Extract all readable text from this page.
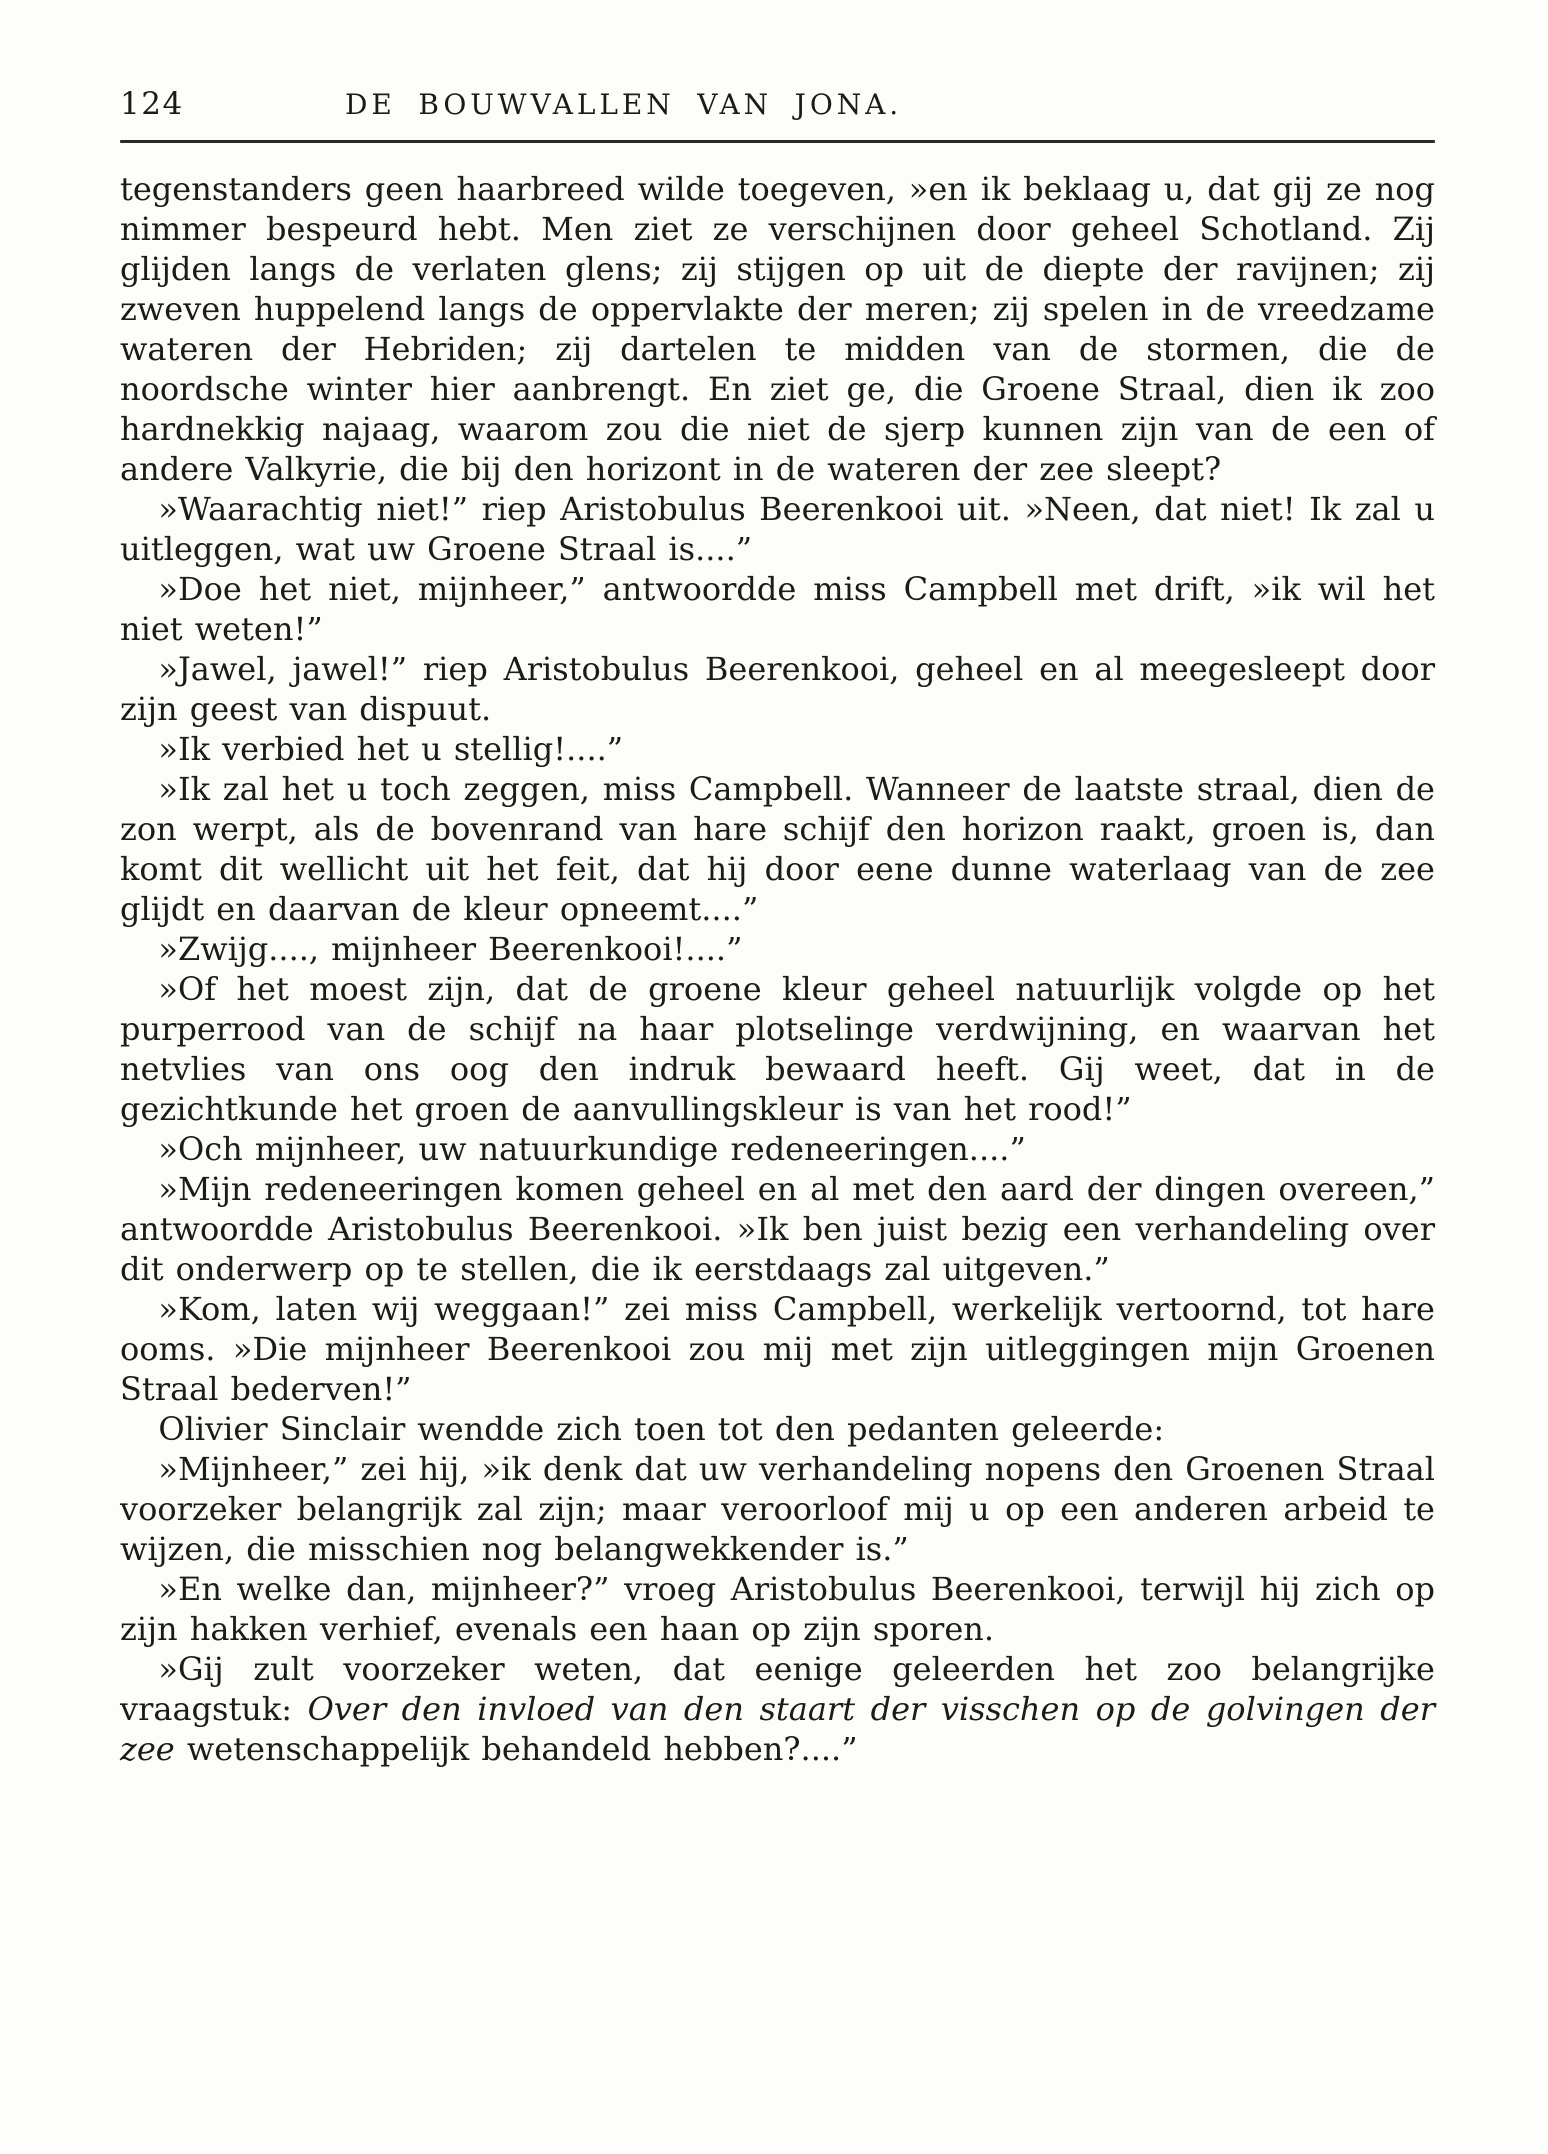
124	DE BOUWVALLEN VAN JONA.

tegenstanders geen haarbreed wilde toegeven, »en ik beklaag u, dat gij ze nog nimmer bespeurd hebt. Men ziet ze verschijnen door geheel Schotland. Zij glijden langs de verlaten glens; zij stijgen op uit de diepte der ravijnen; zij zweven huppelend langs de oppervlakte der meren; zij spelen in de vreedzame wateren der Hebriden; zij dartelen te midden van de stormen, die de noordsche winter hier aanbrengt. En ziet ge, die Groene Straal, dien ik zoo hardnekkig najaag, waarom zou die niet de sjerp kunnen zijn van de een of andere Valkyrie, die bij den horizont in de wateren der zee sleept?

»Waarachtig niet!” riep Aristobulus Beerenkooi uit. »Neen, dat niet! Ik zal u uitleggen, wat uw Groene Straal is....”

»Doe het niet, mijnheer,” antwoordde miss Campbell met drift, »ik wil het niet weten!”

»Jawel, jawel!” riep Aristobulus Beerenkooi, geheel en al meegesleept door zijn geest van dispuut.

»Ik verbied het u stellig!....”

»Ik zal het u toch zeggen, miss Campbell. Wanneer de laatste straal, dien de zon werpt, als de bovenrand van hare schijf den horizon raakt, groen is, dan komt dit wellicht uit het feit, dat hij door eene dunne waterlaag van de zee glijdt en daarvan de kleur opneemt....”

»Zwijg...., mijnheer Beerenkooi!....”

»Of het moest zijn, dat de groene kleur geheel natuurlijk volgde op het purperrood van de schijf na haar plotselinge verdwijning, en waarvan het netvlies van ons oog den indruk bewaard heeft. Gij weet, dat in de gezichtkunde het groen de aanvullingskleur is van het rood!”

»Och mijnheer, uw natuurkundige redeneeringen....”

»Mijn redeneeringen komen geheel en al met den aard der dingen overeen,” antwoordde Aristobulus Beerenkooi. »Ik ben juist bezig een verhandeling over dit onderwerp op te stellen, die ik eerstdaags zal uitgeven.”

»Kom, laten wij weggaan!” zei miss Campbell, werkelijk vertoornd, tot hare ooms. »Die mijnheer Beerenkooi zou mij met zijn uitleggingen mijn Groenen Straal bederven!”

Olivier Sinclair wendde zich toen tot den pedanten geleerde:

»Mijnheer,” zei hij, »ik denk dat uw verhandeling nopens den Groenen Straal voorzeker belangrijk zal zijn; maar veroorloof mij u op een anderen arbeid te wijzen, die misschien nog belangwekkender is.”

»En welke dan, mijnheer?” vroeg Aristobulus Beerenkooi, terwijl hij zich op zijn hakken verhief, evenals een haan op zijn sporen.

»Gij zult voorzeker weten, dat eenige geleerden het zoo belangrijke vraagstuk: Over den invloed van den staart der visschen op de golvingen der zee wetenschappelijk behandeld hebben?....”
